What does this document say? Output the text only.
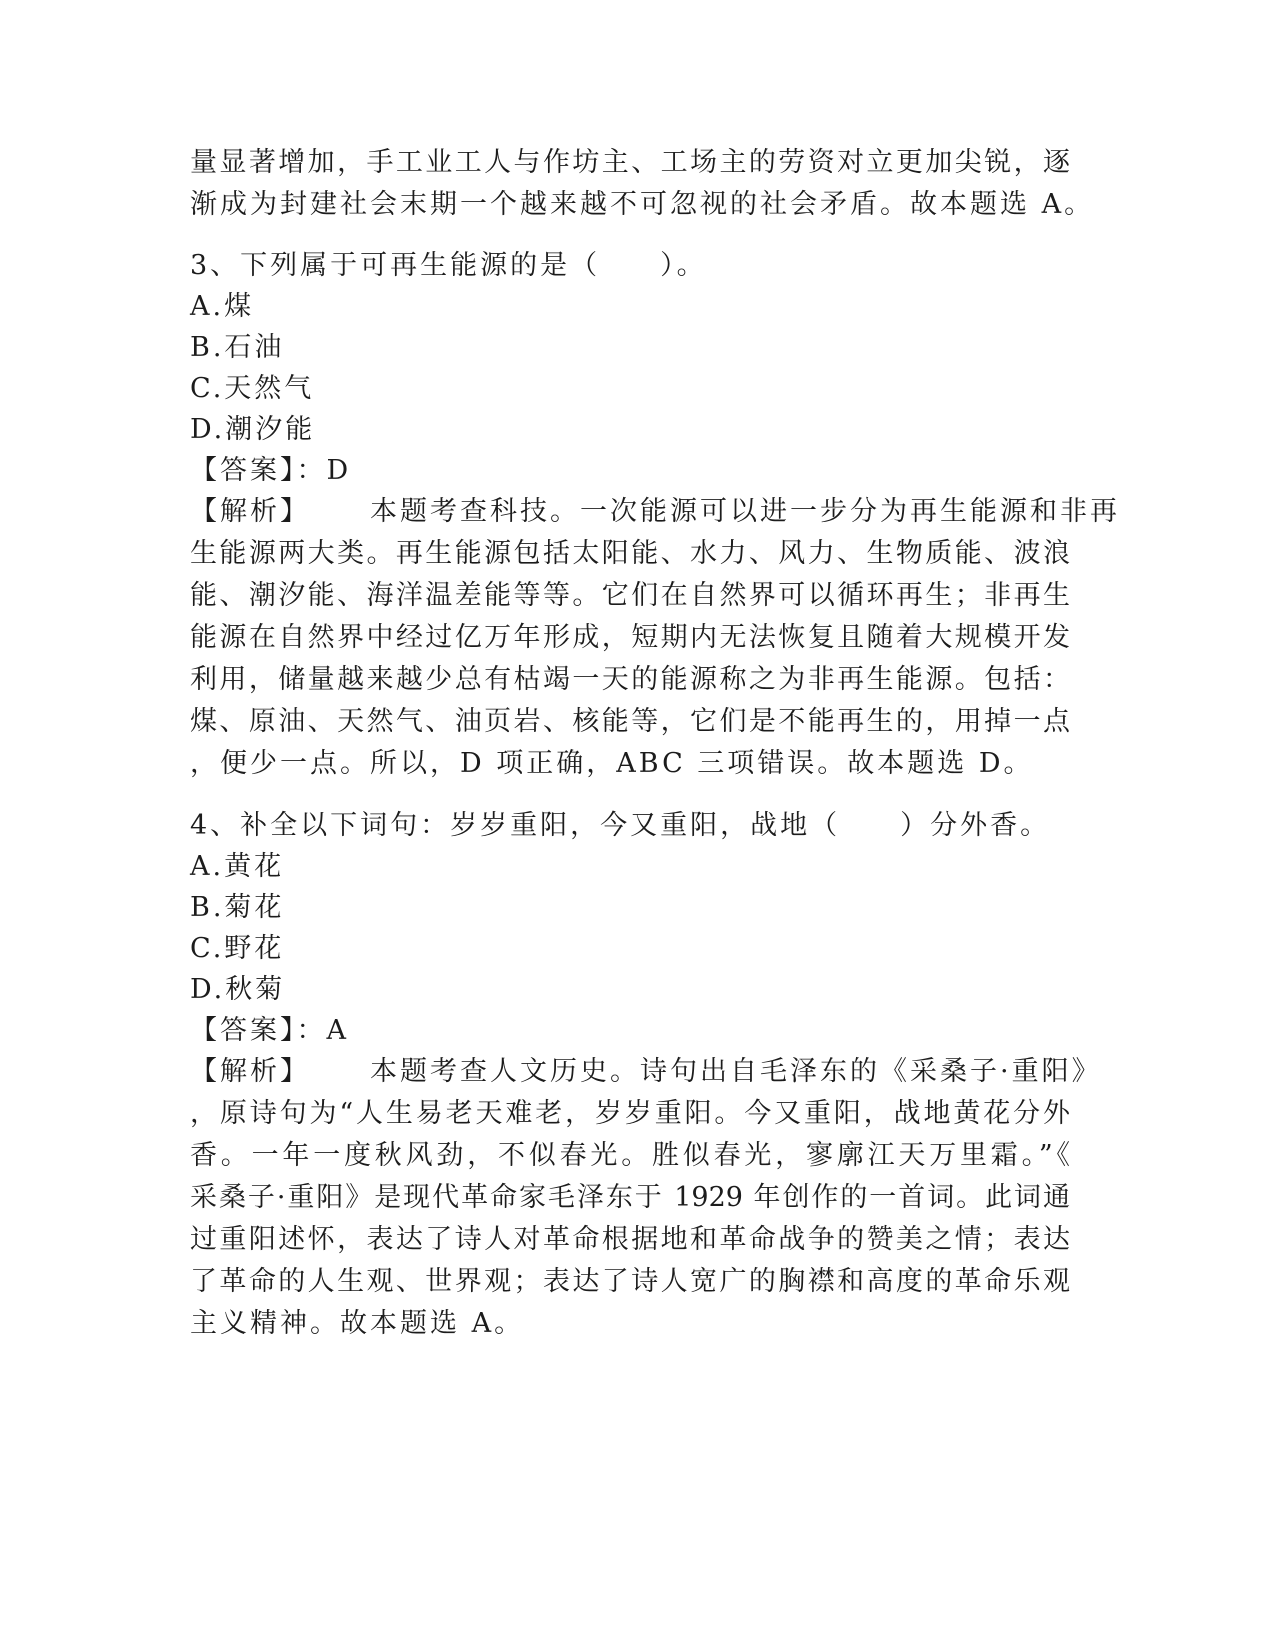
量显著增加，手工业工人与作坊主、工场主的劳资对立更加尖锐，逐
渐成为封建社会末期一个越来越不可忽视的社会矛盾。故本题选 A。
3、下列属于可再生能源的是（　　）。
A.煤
B.石油
C.天然气
D.潮汐能
【答案】：D
【解析】 本题考查科技。一次能源可以进一步分为再生能源和非再
生能源两大类。再生能源包括太阳能、水力、风力、生物质能、波浪
能、潮汐能、海洋温差能等等。它们在自然界可以循环再生；非再生
能源在自然界中经过亿万年形成，短期内无法恢复且随着大规模开发
利用，储量越来越少总有枯竭一天的能源称之为非再生能源。包括：
煤、原油、天然气、油页岩、核能等，它们是不能再生的，用掉一点
，便少一点。所以，D 项正确，ABC 三项错误。故本题选 D。
4、补全以下词句：岁岁重阳，今又重阳，战地（　　）分外香。
A.黄花
B.菊花
C.野花
D.秋菊
【答案】：A
【解析】 本题考查人文历史。诗句出自毛泽东的《采桑子·重阳》
，原诗句为“人生易老天难老，岁岁重阳。今又重阳，战地黄花分外
香。一年一度秋风劲，不似春光。胜似春光，寥廓江天万里霜。”《
采桑子·重阳》是现代革命家毛泽东于 1929 年创作的一首词。此词通
过重阳述怀，表达了诗人对革命根据地和革命战争的赞美之情；表达
了革命的人生观、世界观；表达了诗人宽广的胸襟和高度的革命乐观
主义精神。故本题选 A。
